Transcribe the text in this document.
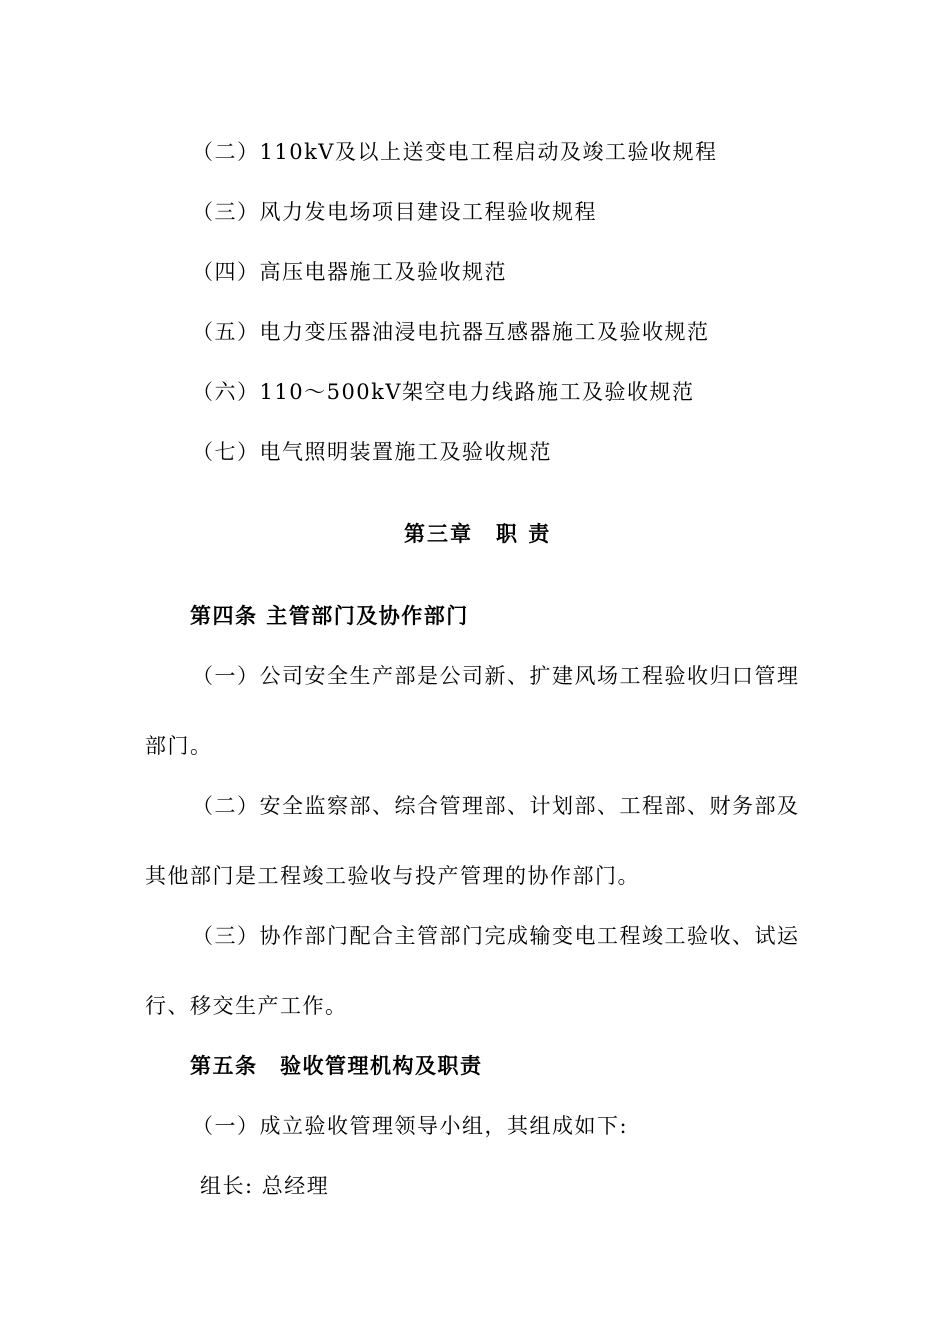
（二）110kV及以上送变电工程启动及竣工验收规程
（三）风力发电场项目建设工程验收规程
（四）高压电器施工及验收规范
（五）电力变压器油浸电抗器互感器施工及验收规范
（六）110～500kV架空电力线路施工及验收规范
（七）电气照明装置施工及验收规范
第三章　职 责
第四条 主管部门及协作部门
（一）公司安全生产部是公司新、扩建风场工程验收归口管理
部门。
（二）安全监察部、综合管理部、计划部、工程部、财务部及
其他部门是工程竣工验收与投产管理的协作部门。
（三）协作部门配合主管部门完成输变电工程竣工验收、试运
行、移交生产工作。
第五条　验收管理机构及职责
（一）成立验收管理领导小组，其组成如下:
组长: 总经理
